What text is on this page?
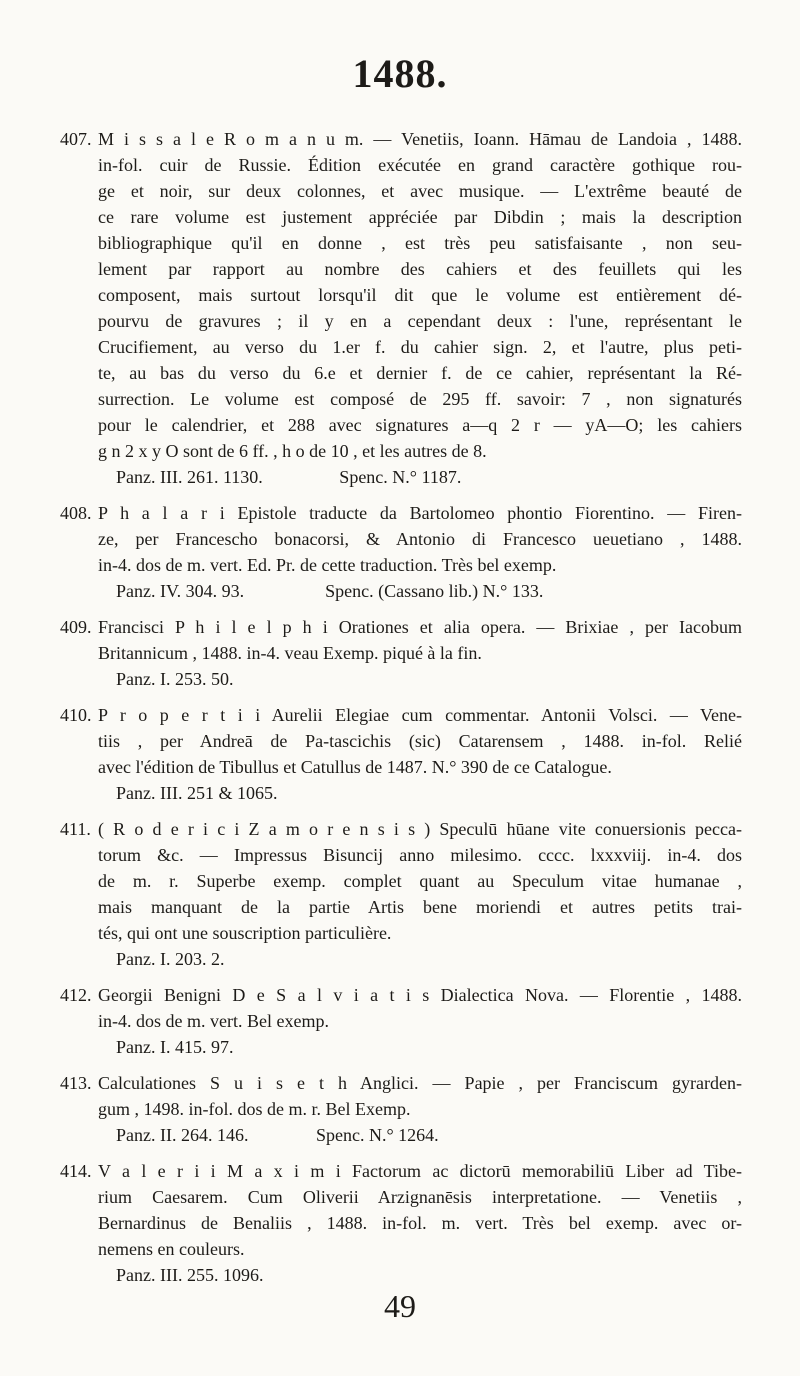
1488.
407. M i s s a l e R o m a n u m. — Venetiis, Ioann. Hāmau de Landoia , 1488.
in-fol. cuir de Russie. Édition exécutée en grand caractère gothique rou-
ge et noir, sur deux colonnes, et avec musique. — L'extrême beauté de
ce rare volume est justement appréciée par Dibdin ; mais la description
bibliographique qu'il en donne , est très peu satisfaisante , non seu-
lement par rapport au nombre des cahiers et des feuillets qui les
composent, mais surtout lorsqu'il dit que le volume est entièrement dé-
pourvu de gravures ; il y en a cependant deux : l'une, représentant le
Crucifiement, au verso du 1.er f. du cahier sign. 2, et l'autre, plus peti-
te, au bas du verso du 6.e et dernier f. de ce cahier, représentant la Ré-
surrection. Le volume est composé de 295 ff. savoir: 7 , non signaturés
pour le calendrier, et 288 avec signatures a—q 2 r — yA—O; les cahiers
g n 2 x y O sont de 6 ff. , h o de 10 , et les autres de 8.
Panz. III. 261. 1130.                 Spenc. N.° 1187.
408. P h a l a r i Epistole traducte da Bartolomeo phontio Fiorentino. — Firen-
ze, per Francescho bonacorsi, & Antonio di Francesco ueuetiano , 1488.
in-4. dos de m. vert. Ed. Pr. de cette traduction. Très bel exemp.
Panz. IV. 304. 93.                  Spenc. (Cassano lib.) N.° 133.
409. Francisci P h i l e l p h i Orationes et alia opera. — Brixiae , per Iacobum
Britannicum , 1488. in-4. veau Exemp. piqué à la fin.
Panz. I. 253. 50.
410. P r o p e r t i i Aurelii Elegiae cum commentar. Antonii Volsci. — Vene-
tiis , per Andreā de Pa-tascichis (sic) Catarensem , 1488. in-fol. Relié
avec l'édition de Tibullus et Catullus de 1487. N.° 390 de ce Catalogue.
Panz. III. 251 & 1065.
411. ( R o d e r i c i Z a m o r e n s i s ) Speculū hūane vite conuersionis pecca-
torum &c. — Impressus Bisuncij anno milesimo. cccc. lxxxviij. in-4. dos
de m. r. Superbe exemp. complet quant au Speculum vitae humanae ,
mais manquant de la partie Artis bene moriendi et autres petits trai-
tés, qui ont une souscription particulière.
Panz. I. 203. 2.
412. Georgii Benigni D e S a l v i a t i s Dialectica Nova. — Florentie , 1488.
in-4. dos de m. vert. Bel exemp.
Panz. I. 415. 97.
413. Calculationes S u i s e t h Anglici. — Papie , per Franciscum gyrarden-
gum , 1498. in-fol. dos de m. r. Bel Exemp.
Panz. II. 264. 146.               Spenc. N.° 1264.
414. V a l e r i i M a x i m i Factorum ac dictorū memorabiliū Liber ad Tibe-
rium Caesarem. Cum Oliverii Arzignanēsis interpretatione. — Venetiis ,
Bernardinus de Benaliis , 1488. in-fol. m. vert. Très bel exemp. avec or-
nemens en couleurs.
Panz. III. 255. 1096.
49
